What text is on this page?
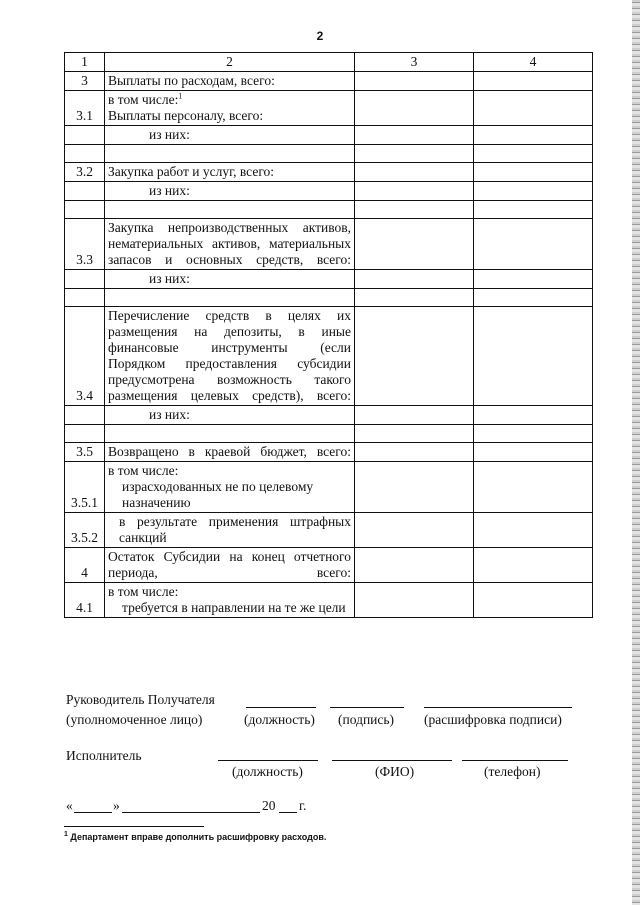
2
1	2	3	4
3	Выплаты по расходам, всего:		
3.1	в том числе:$^1$
Выплаты персоналу, всего:		

	из них:		

3.2	Закупка работ и услуг, всего:		
	из них:		

3.3	Закупка непроизводственных активов, нематериальных активов, материальных запасов и основных средств, всего:		
	из них:		

3.4	Перечисление средств в целях их размещения на депозиты, в иные финансовые инструменты (если Порядком предоставления субсидии предусмотрена возможность такого размещения целевых средств), всего:		
	из них:		

3.5	Возвращено в краевой бюджет, всего:		
3.5.1	в том числе:
израсходованных не по целевому назначению		

3.5.2	в результате применения штрафных санкций		
4	Остаток Субсидии на конец отчетного периода, всего:		
4.1	в том числе:
требуется в направлении на те же цели		

Руководитель Получателя
(уполномоченное лицо)	(должность) (подпись) (расшифровка подписи)
Исполнитель
(должность)	(ФИО)	(телефон)
«	»	20 г.
$^1$ Департамент вправе дополнить расшифровку расходов.
